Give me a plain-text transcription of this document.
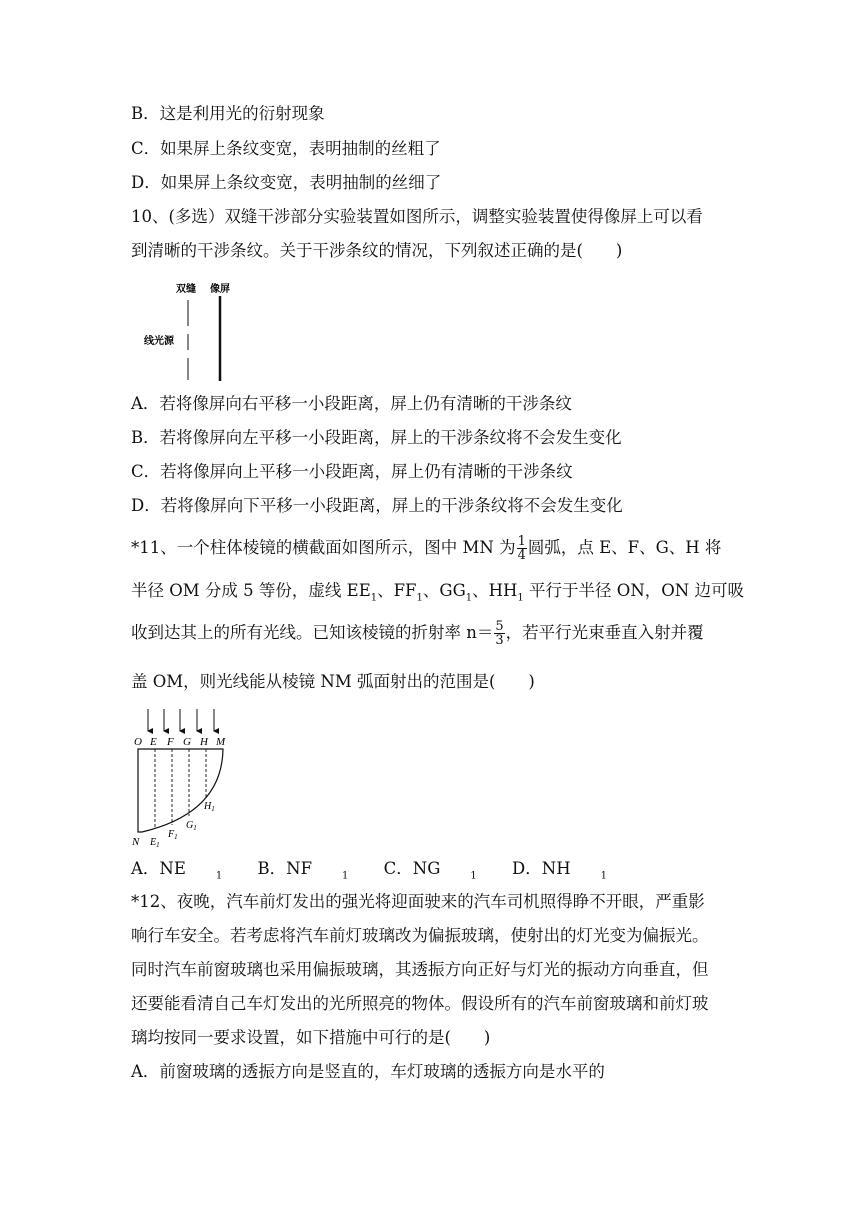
B．这是利用光的衍射现象
C．如果屏上条纹变宽，表明抽制的丝粗了
D．如果屏上条纹变宽，表明抽制的丝细了
10、(多选）双缝干涉部分实验装置如图所示，调整实验装置使得像屏上可以看
到清晰的干涉条纹。关于干涉条纹的情况，下列叙述正确的是(　　)
双缝 像屏
线光源
A．若将像屏向右平移一小段距离，屏上仍有清晰的干涉条纹
B．若将像屏向左平移一小段距离，屏上的干涉条纹将不会发生变化
C．若将像屏向上平移一小段距离，屏上仍有清晰的干涉条纹
D．若将像屏向下平移一小段距离，屏上的干涉条纹将不会发生变化
*11、一个柱体棱镜的横截面如图所示，图中 MN 为 $\frac{1}{4}$ 圆弧，点 E、F、G、H 将
半径 OM 分成 5 等份，虚线 $EE_1$、$FF_1$、$GG_1$、$HH_1$ 平行于半径 ON，ON 边可吸
收到达其上的所有光线。已知该棱镜的折射率 $n= \frac{5}{3}$ ，若平行光束垂直入射并覆
盖 OM，则光线能从棱镜 NM 弧面射出的范围是(　　)
O E F G H M
N $E_1$
$F_1$
$G_1$
$H_1$
A．NE	$_1$ B．NF	$_1$ C．NG	$_1$ D．NH	$_1$
*12、夜晚，汽车前灯发出的强光将迎面驶来的汽车司机照得睁不开眼，严重影
响行车安全。若考虑将汽车前灯玻璃改为偏振玻璃，使射出的灯光变为偏振光。
同时汽车前窗玻璃也采用偏振玻璃，其透振方向正好与灯光的振动方向垂直，但
还要能看清自己车灯发出的光所照亮的物体。假设所有的汽车前窗玻璃和前灯玻
璃均按同一要求设置，如下措施中可行的是(　　)
A．前窗玻璃的透振方向是竖直的，车灯玻璃的透振方向是水平的
